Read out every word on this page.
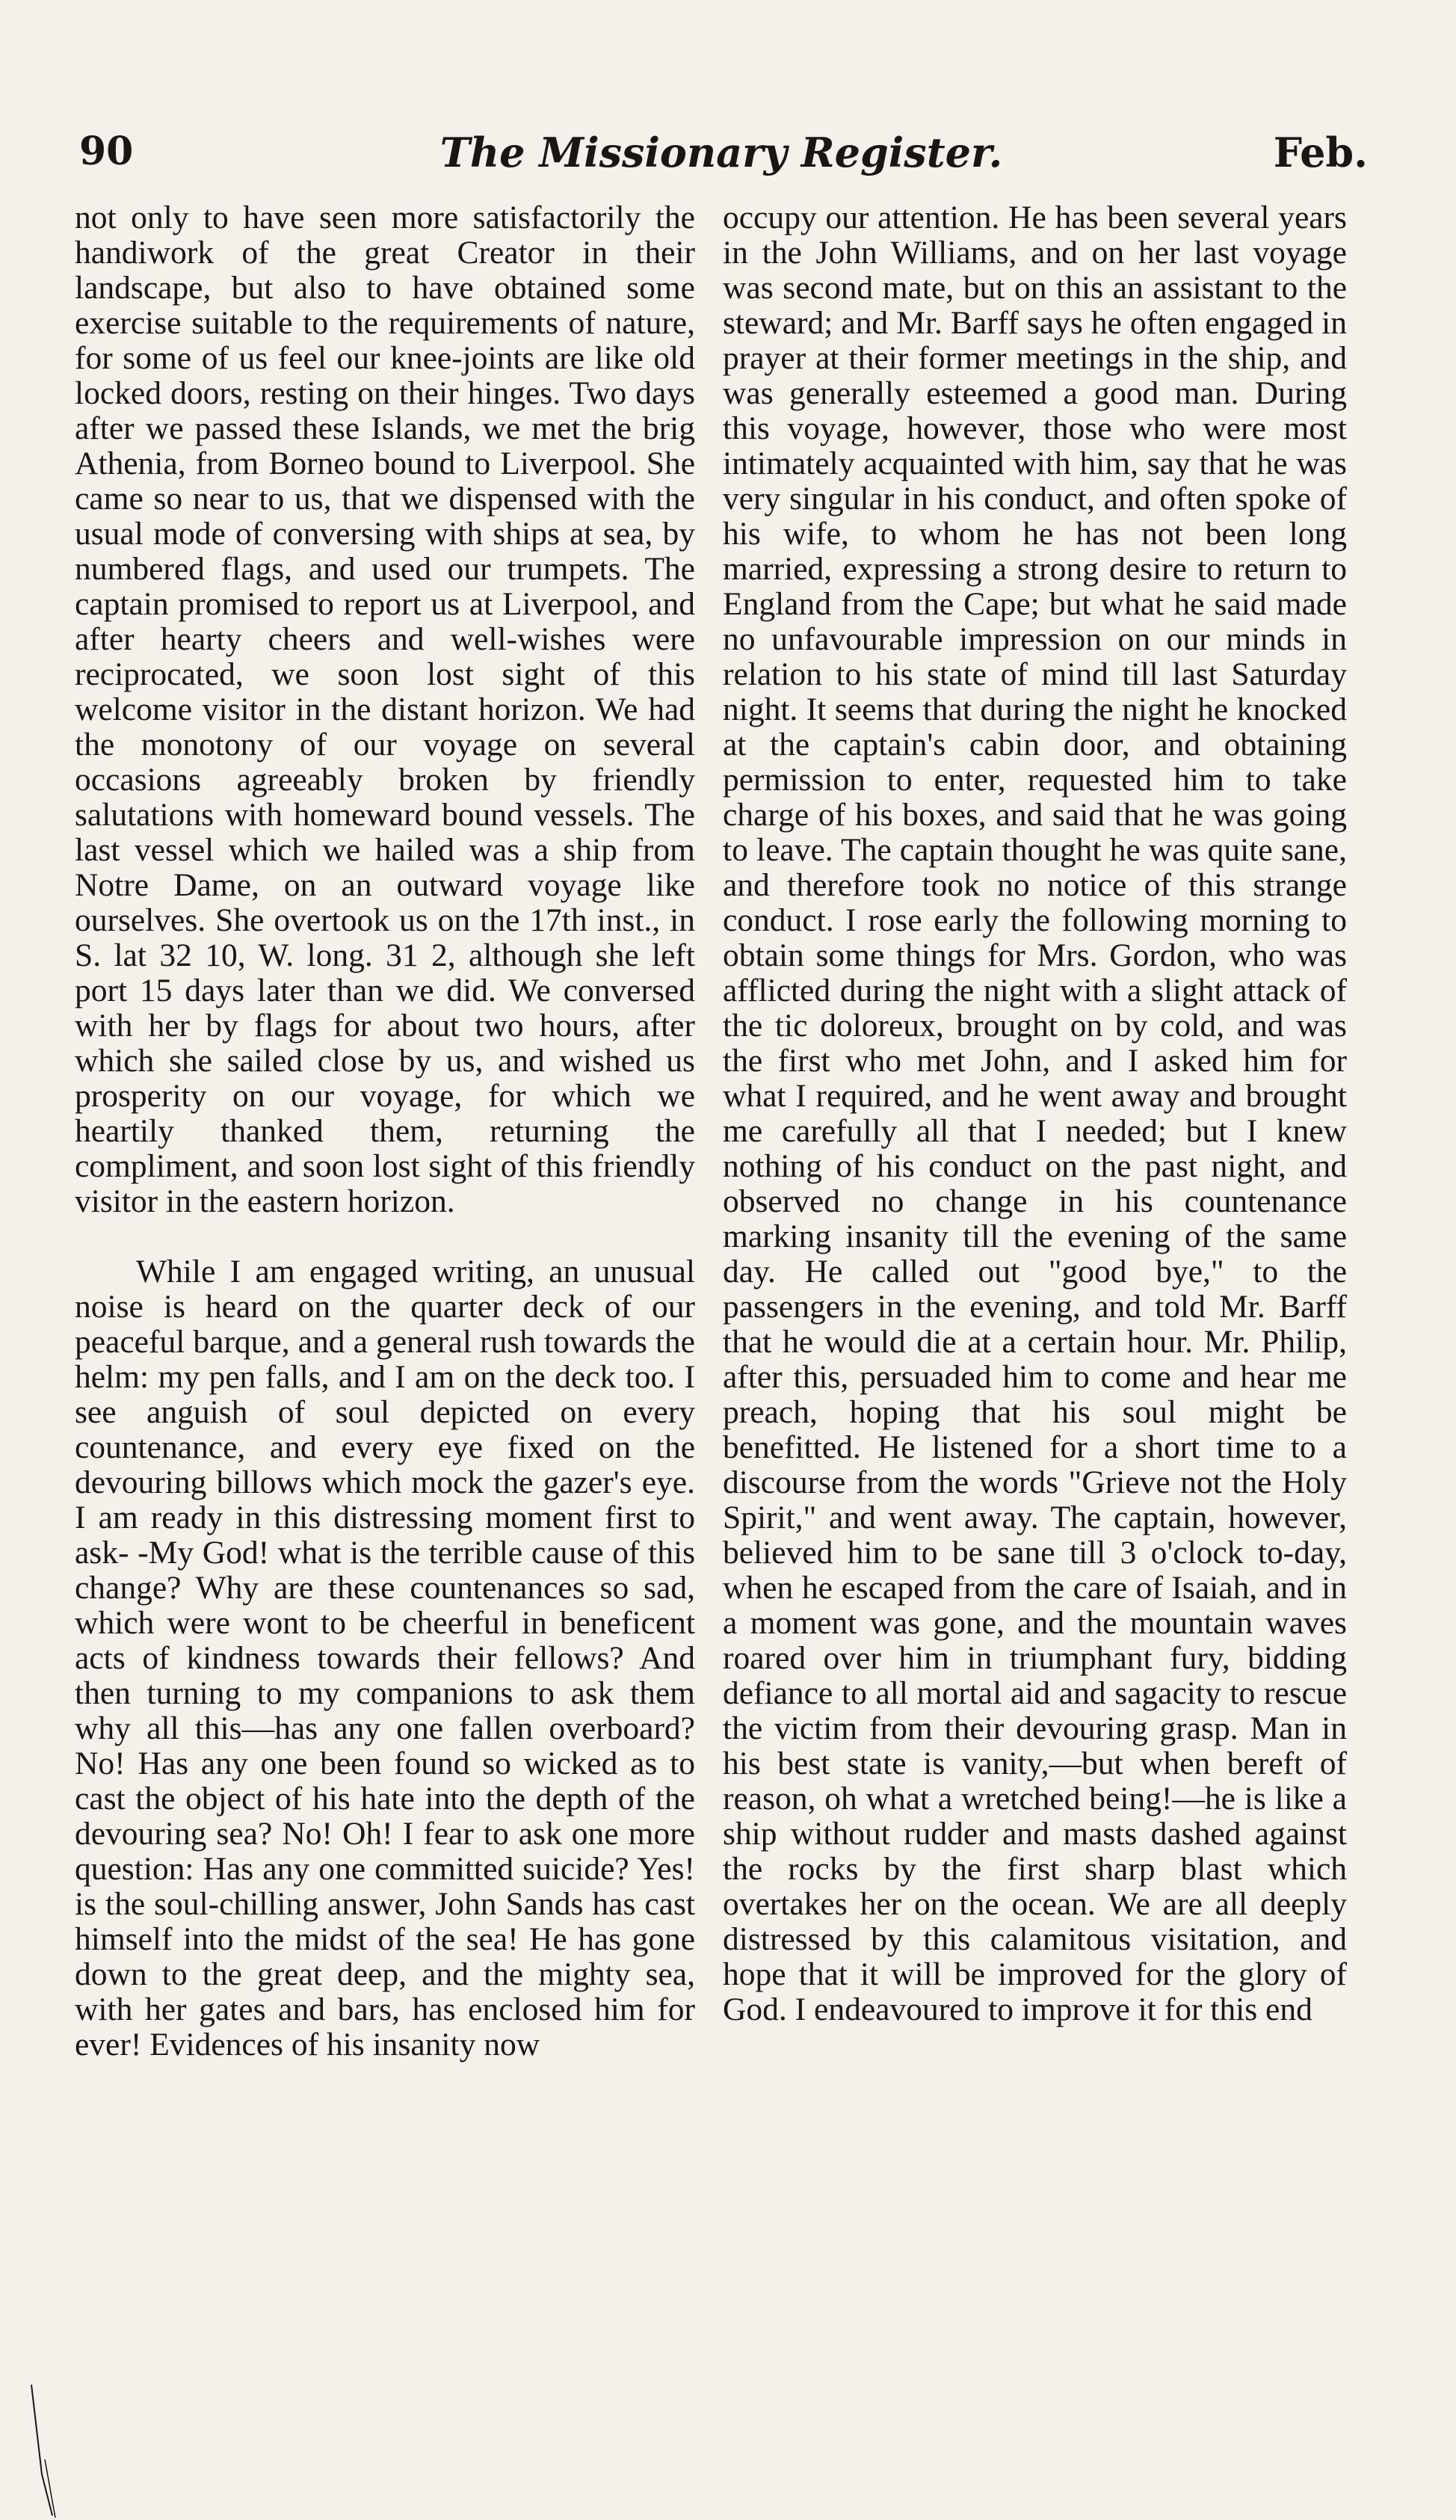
90	The Missionary Register.	Feb.

not only to have seen more satisfactorily the handiwork of the great Creator in their landscape, but also to have obtained some exercise suitable to the requirements of nature, for some of us feel our knee-joints are like old locked doors, resting on their hinges. Two days after we passed these Islands, we met the brig Athenia, from Borneo bound to Liverpool. She came so near to us, that we dispensed with the usual mode of conversing with ships at sea, by numbered flags, and used our trumpets. The captain promised to report us at Liverpool, and after hearty cheers and well-wishes were reciprocated, we soon lost sight of this welcome visitor in the distant horizon. We had the monotony of our voyage on several occasions agreeably broken by friendly salutations with homeward bound vessels. The last vessel which we hailed was a ship from Notre Dame, on an outward voyage like ourselves. She overtook us on the 17th inst., in S. lat 32 10, W. long. 31 2, although she left port 15 days later than we did. We conversed with her by flags for about two hours, after which she sailed close by us, and wished us prosperity on our voyage, for which we heartily thanked them, returning the compliment, and soon lost sight of this friendly visitor in the eastern horizon.

While I am engaged writing, an unusual noise is heard on the quarter deck of our peaceful barque, and a general rush towards the helm: my pen falls, and I am on the deck too. I see anguish of soul depicted on every countenance, and every eye fixed on the devouring billows which mock the gazer's eye. I am ready in this distressing moment first to ask- -My God! what is the terrible cause of this change? Why are these countenances so sad, which were wont to be cheerful in beneficent acts of kindness towards their fellows? And then turning to my companions to ask them why all this—has any one fallen overboard? No! Has any one been found so wicked as to cast the object of his hate into the depth of the devouring sea? No! Oh! I fear to ask one more question: Has any one committed suicide? Yes! is the soul-chilling answer, John Sands has cast himself into the midst of the sea! He has gone down to the great deep, and the mighty sea, with her gates and bars, has enclosed him for ever! Evidences of his insanity now

occupy our attention. He has been several years in the John Williams, and on her last voyage was second mate, but on this an assistant to the steward; and Mr. Barff says he often engaged in prayer at their former meetings in the ship, and was generally esteemed a good man. During this voyage, however, those who were most intimately acquainted with him, say that he was very singular in his conduct, and often spoke of his wife, to whom he has not been long married, expressing a strong desire to return to England from the Cape; but what he said made no unfavourable impression on our minds in relation to his state of mind till last Saturday night. It seems that during the night he knocked at the captain's cabin door, and obtaining permission to enter, requested him to take charge of his boxes, and said that he was going to leave. The captain thought he was quite sane, and therefore took no notice of this strange conduct. I rose early the following morning to obtain some things for Mrs. Gordon, who was afflicted during the night with a slight attack of the tic doloreux, brought on by cold, and was the first who met John, and I asked him for what I required, and he went away and brought me carefully all that I needed; but I knew nothing of his conduct on the past night, and observed no change in his countenance marking insanity till the evening of the same day. He called out "good bye," to the passengers in the evening, and told Mr. Barff that he would die at a certain hour. Mr. Philip, after this, persuaded him to come and hear me preach, hoping that his soul might be benefitted. He listened for a short time to a discourse from the words "Grieve not the Holy Spirit," and went away. The captain, however, believed him to be sane till 3 o'clock to-day, when he escaped from the care of Isaiah, and in a moment was gone, and the mountain waves roared over him in triumphant fury, bidding defiance to all mortal aid and sagacity to rescue the victim from their devouring grasp. Man in his best state is vanity,—but when bereft of reason, oh what a wretched being!—he is like a ship without rudder and masts dashed against the rocks by the first sharp blast which overtakes her on the ocean. We are all deeply distressed by this calamitous visitation, and hope that it will be improved for the glory of God. I endeavoured to improve it for this end
